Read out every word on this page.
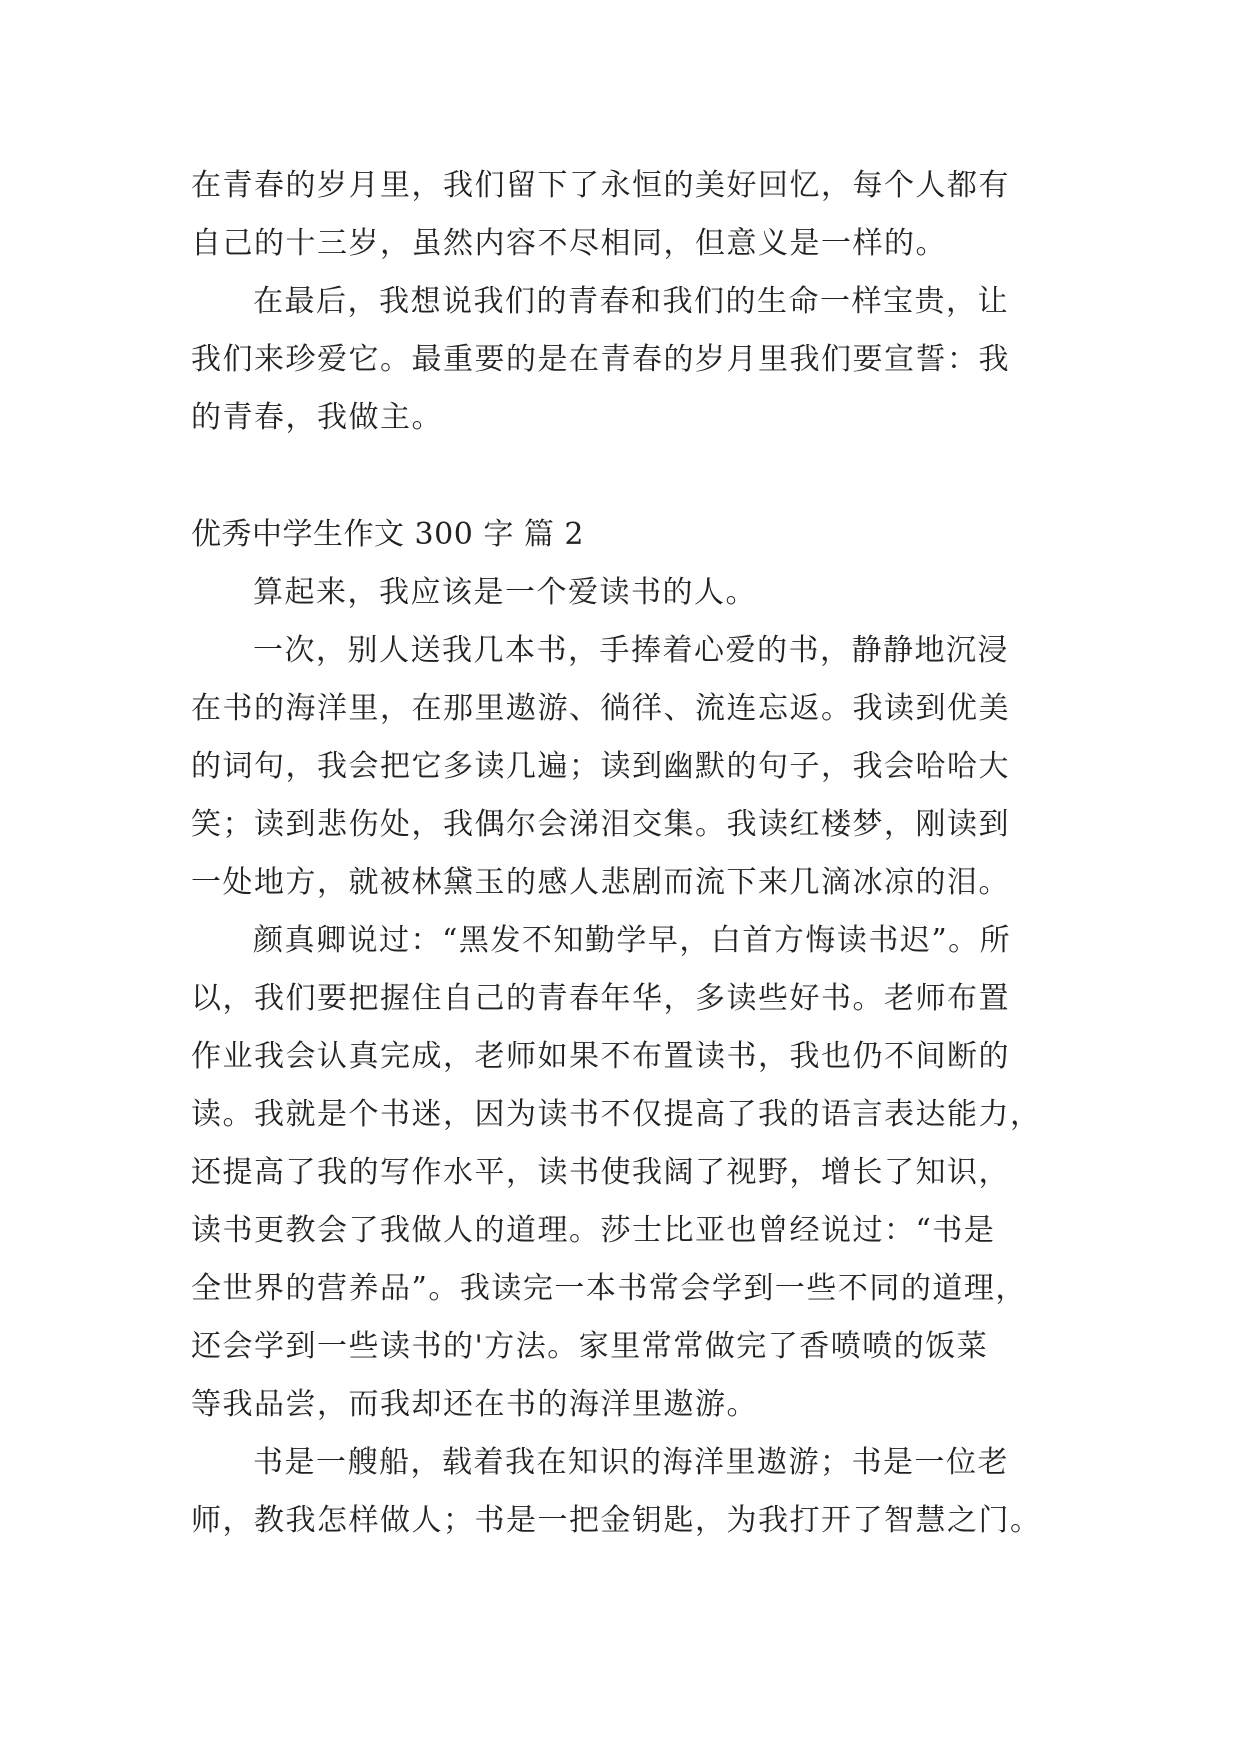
在青春的岁月里，我们留下了永恒的美好回忆，每个人都有

自己的十三岁，虽然内容不尽相同，但意义是一样的。

在最后，我想说我们的青春和我们的生命一样宝贵，让

我们来珍爱它。最重要的是在青春的岁月里我们要宣誓：我

的青春，我做主。

优秀中学生作文 300 字 篇 2

算起来，我应该是一个爱读书的人。

一次，别人送我几本书，手捧着心爱的书，静静地沉浸

在书的海洋里，在那里遨游、徜徉、流连忘返。我读到优美

的词句，我会把它多读几遍；读到幽默的句子，我会哈哈大

笑；读到悲伤处，我偶尔会涕泪交集。我读红楼梦，刚读到

一处地方，就被林黛玉的感人悲剧而流下来几滴冰凉的泪。

颜真卿说过：“黑发不知勤学早，白首方悔读书迟”。所

以，我们要把握住自己的青春年华，多读些好书。老师布置

作业我会认真完成，老师如果不布置读书，我也仍不间断的

读。我就是个书迷，因为读书不仅提高了我的语言表达能力，

还提高了我的写作水平，读书使我阔了视野，增长了知识，

读书更教会了我做人的道理。莎士比亚也曾经说过：“书是

全世界的营养品”。我读完一本书常会学到一些不同的道理，

还会学到一些读书的'方法。家里常常做完了香喷喷的饭菜

等我品尝，而我却还在书的海洋里遨游。

书是一艘船，载着我在知识的海洋里遨游；书是一位老

师，教我怎样做人；书是一把金钥匙，为我打开了智慧之门。
